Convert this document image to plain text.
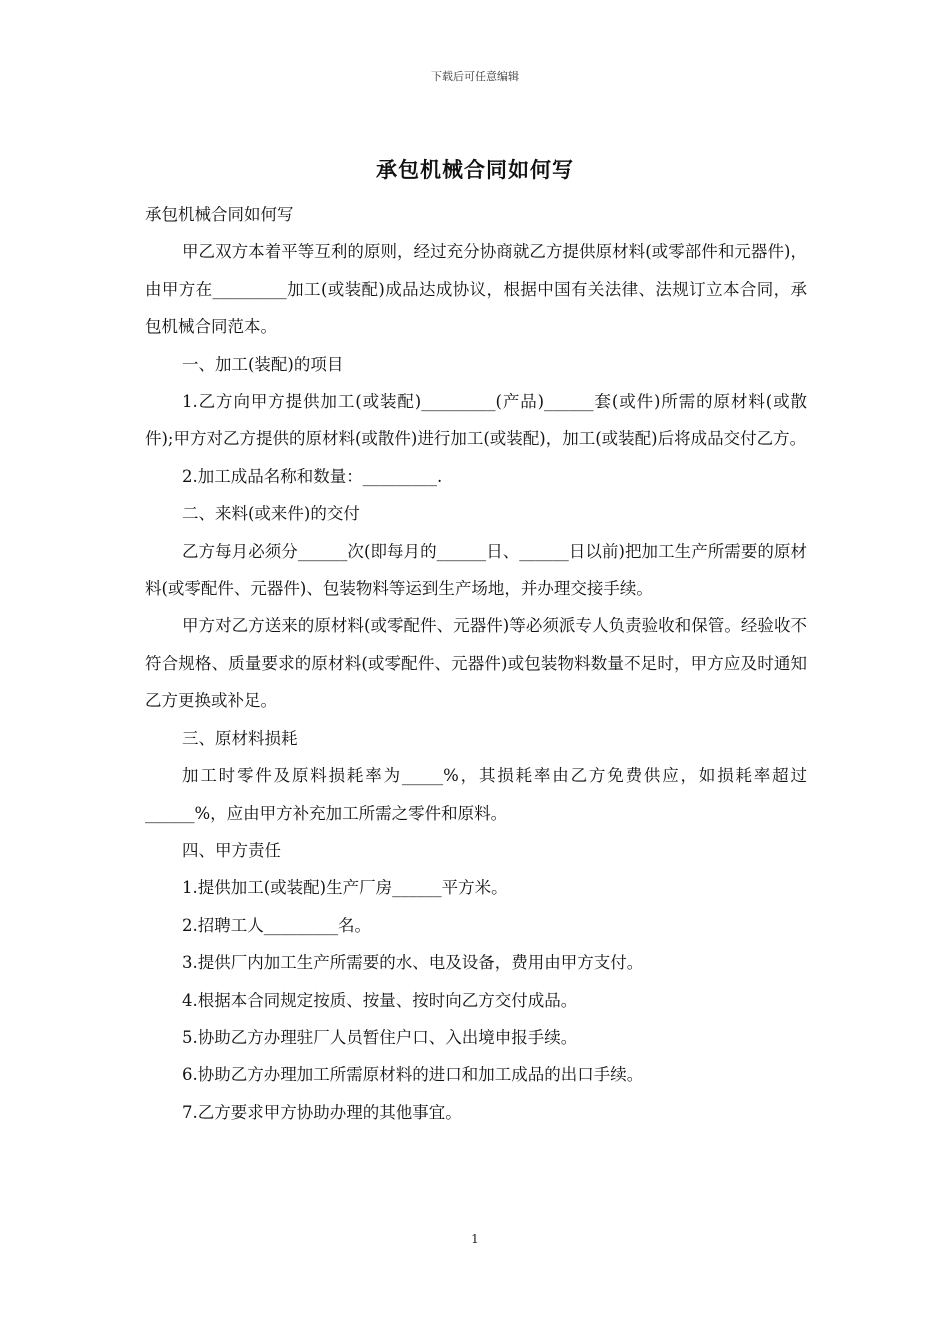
下载后可任意编辑
承包机械合同如何写

承包机械合同如何写

甲乙双方本着平等互利的原则，经过充分协商就乙方提供原材料(或零部件和元器件)，由甲方在_________加工(或装配)成品达成协议，根据中国有关法律、法规订立本合同，承包机械合同范本。

一、加工(装配)的项目

1.乙方向甲方提供加工(或装配)_________(产品)______套(或件)所需的原材料(或散件);甲方对乙方提供的原材料(或散件)进行加工(或装配)，加工(或装配)后将成品交付乙方。

2.加工成品名称和数量：_________.

二、来料(或来件)的交付

乙方每月必须分______次(即每月的______日、______日以前)把加工生产所需要的原材料(或零配件、元器件)、包装物料等运到生产场地，并办理交接手续。

甲方对乙方送来的原材料(或零配件、元器件)等必须派专人负责验收和保管。经验收不符合规格、质量要求的原材料(或零配件、元器件)或包装物料数量不足时，甲方应及时通知乙方更换或补足。

三、原材料损耗

加工时零件及原料损耗率为_____%，其损耗率由乙方免费供应，如损耗率超过______%，应由甲方补充加工所需之零件和原料。

四、甲方责任

1.提供加工(或装配)生产厂房______平方米。

2.招聘工人_________名。

3.提供厂内加工生产所需要的水、电及设备，费用由甲方支付。

4.根据本合同规定按质、按量、按时向乙方交付成品。

5.协助乙方办理驻厂人员暂住户口、入出境申报手续。

6.协助乙方办理加工所需原材料的进口和加工成品的出口手续。

7.乙方要求甲方协助办理的其他事宜。

1
